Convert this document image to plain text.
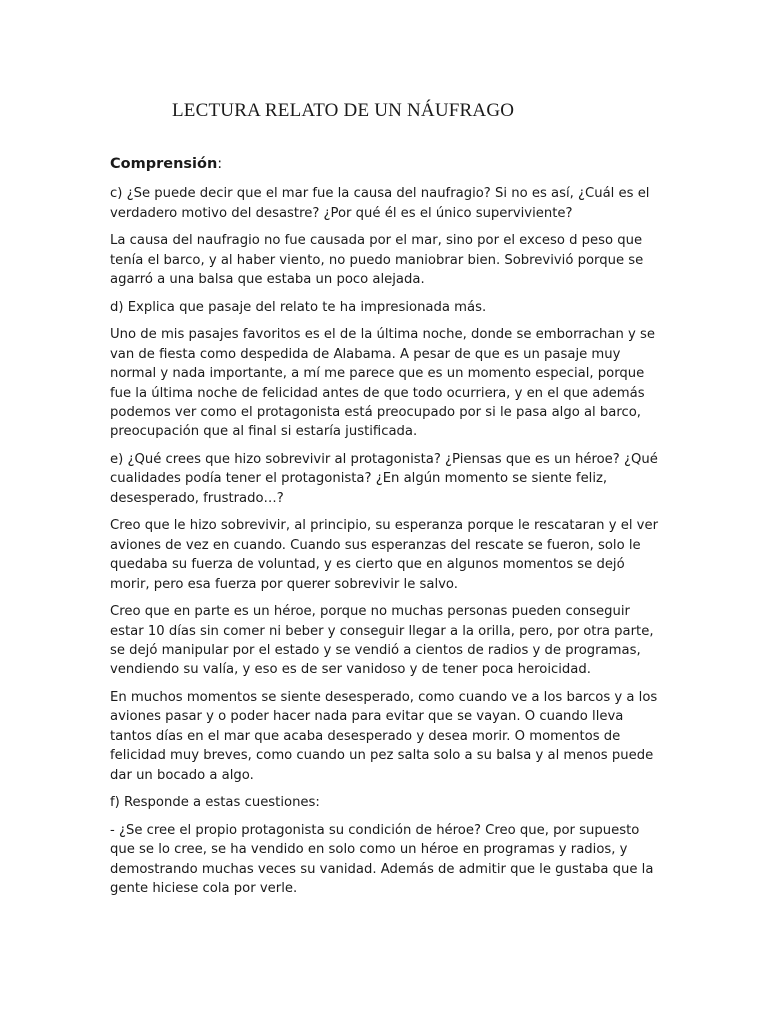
LECTURA RELATO DE UN NÁUFRAGO

Comprensión:

c) ¿Se puede decir que el mar fue la causa del naufragio? Si no es así, ¿Cuál es el verdadero motivo del desastre? ¿Por qué él es el único superviviente?

La causa del naufragio no fue causada por el mar, sino por el exceso d peso que tenía el barco, y al haber viento, no puedo maniobrar bien. Sobrevivió porque se agarró a una balsa que estaba un poco alejada.

d) Explica que pasaje del relato te ha impresionada más.

Uno de mis pasajes favoritos es el de la última noche, donde se emborrachan y se van de fiesta como despedida de Alabama. A pesar de que es un pasaje muy normal y nada importante, a mí me parece que es un momento especial, porque fue la última noche de felicidad antes de que todo ocurriera, y en el que además podemos ver como el protagonista está preocupado por si le pasa algo al barco, preocupación que al final si estaría justificada.

e) ¿Qué crees que hizo sobrevivir al protagonista? ¿Piensas que es un héroe? ¿Qué cualidades podía tener el protagonista? ¿En algún momento se siente feliz, desesperado, frustrado…?

Creo que le hizo sobrevivir, al principio, su esperanza porque le rescataran y el ver aviones de vez en cuando. Cuando sus esperanzas del rescate se fueron, solo le quedaba su fuerza de voluntad, y es cierto que en algunos momentos se dejó morir, pero esa fuerza por querer sobrevivir le salvo.

Creo que en parte es un héroe, porque no muchas personas pueden conseguir estar 10 días sin comer ni beber y conseguir llegar a la orilla, pero, por otra parte, se dejó manipular por el estado y se vendió a cientos de radios y de programas, vendiendo su valía, y eso es de ser vanidoso y de tener poca heroicidad.

En muchos momentos se siente desesperado, como cuando ve a los barcos y a los aviones pasar y o poder hacer nada para evitar que se vayan. O cuando lleva tantos días en el mar que acaba desesperado y desea morir. O momentos de felicidad muy breves, como cuando un pez salta solo a su balsa y al menos puede dar un bocado a algo.

f) Responde a estas cuestiones:

- ¿Se cree el propio protagonista su condición de héroe? Creo que, por supuesto que se lo cree, se ha vendido en solo como un héroe en programas y radios, y demostrando muchas veces su vanidad. Además de admitir que le gustaba que la gente hiciese cola por verle.
